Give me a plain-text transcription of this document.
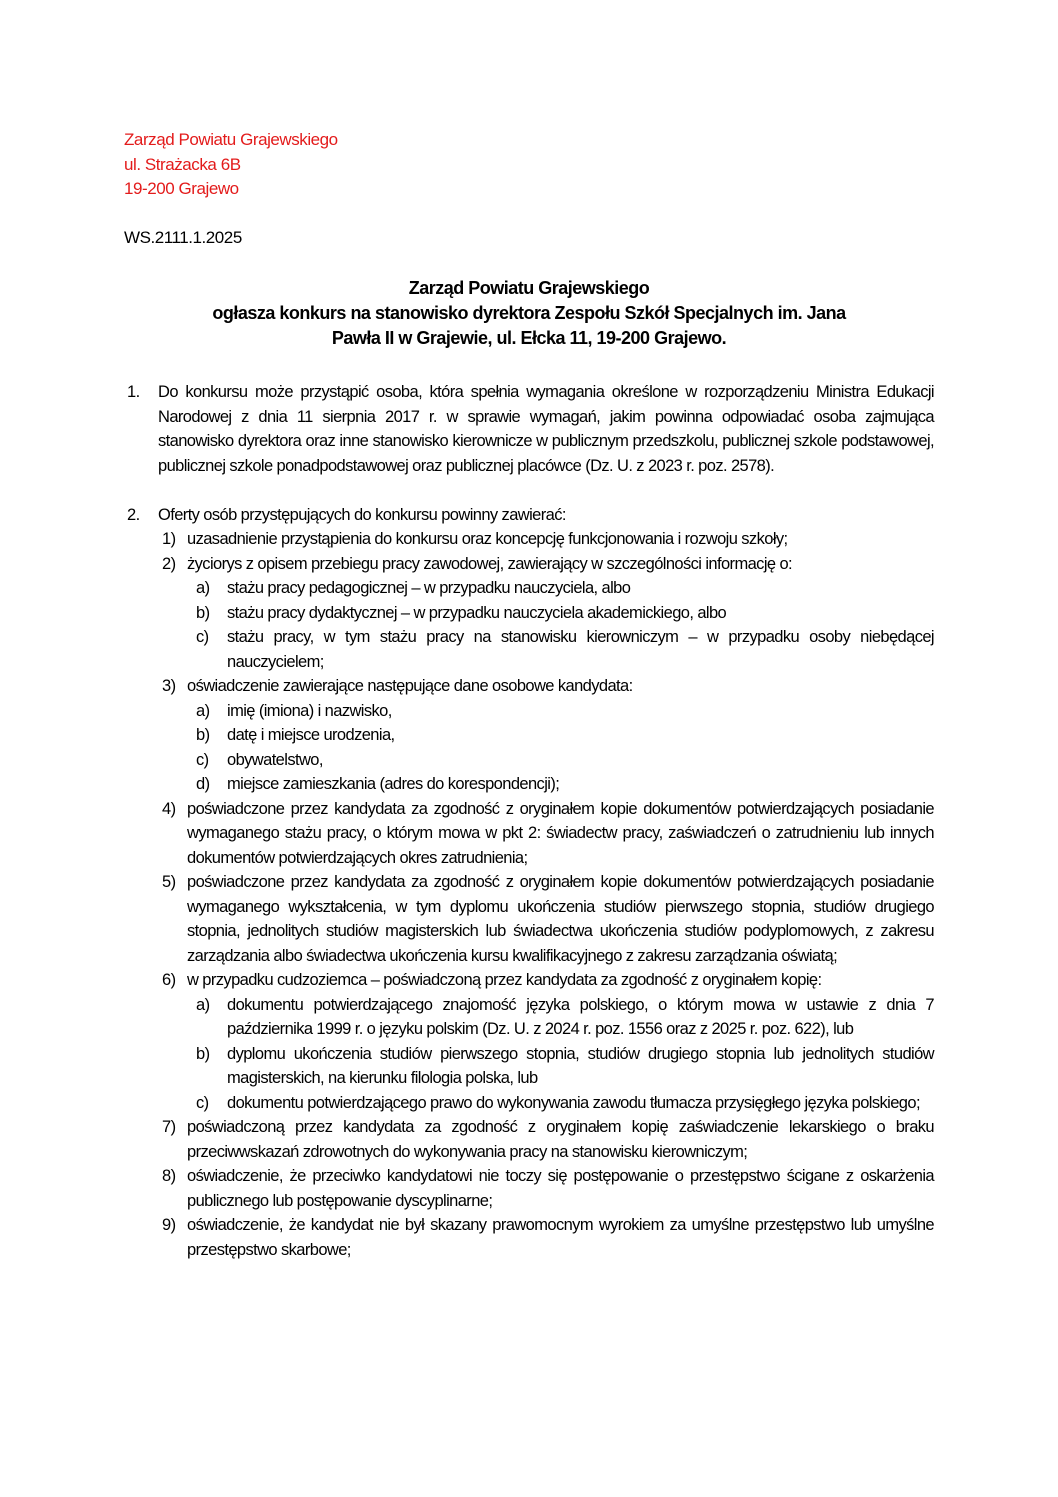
Zarząd Powiatu Grajewskiego
ul. Strażacka 6B
19-200 Grajewo
WS.2111.1.2025
Zarząd Powiatu Grajewskiego
ogłasza konkurs na stanowisko dyrektora Zespołu Szkół Specjalnych im. Jana
Pawła II w Grajewie, ul. Ełcka 11, 19-200 Grajewo.
1. Do konkursu może przystąpić osoba, która spełnia wymagania określone w rozporządzeniu Ministra Edukacji Narodowej z dnia 11 sierpnia 2017 r. w sprawie wymagań, jakim powinna odpowiadać osoba zajmująca stanowisko dyrektora oraz inne stanowisko kierownicze w publicznym przedszkolu, publicznej szkole podstawowej, publicznej szkole ponadpodstawowej oraz publicznej placówce (Dz. U. z 2023 r. poz. 2578).
2. Oferty osób przystępujących do konkursu powinny zawierać:
1) uzasadnienie przystąpienia do konkursu oraz koncepcję funkcjonowania i rozwoju szkoły;
2) życiorys z opisem przebiegu pracy zawodowej, zawierający w szczególności informację o:
a) stażu pracy pedagogicznej – w przypadku nauczyciela, albo
b) stażu pracy dydaktycznej – w przypadku nauczyciela akademickiego, albo
c) stażu pracy, w tym stażu pracy na stanowisku kierowniczym – w przypadku osoby niebędącej nauczycielem;
3) oświadczenie zawierające następujące dane osobowe kandydata:
a) imię (imiona) i nazwisko,
b) datę i miejsce urodzenia,
c) obywatelstwo,
d) miejsce zamieszkania (adres do korespondencji);
4) poświadczone przez kandydata za zgodność z oryginałem kopie dokumentów potwierdzających posiadanie wymaganego stażu pracy, o którym mowa w pkt 2: świadectw pracy, zaświadczeń o zatrudnieniu lub innych dokumentów potwierdzających okres zatrudnienia;
5) poświadczone przez kandydata za zgodność z oryginałem kopie dokumentów potwierdzających posiadanie wymaganego wykształcenia, w tym dyplomu ukończenia studiów pierwszego stopnia, studiów drugiego stopnia, jednolitych studiów magisterskich lub świadectwa ukończenia studiów podyplomowych, z zakresu zarządzania albo świadectwa ukończenia kursu kwalifikacyjnego z zakresu zarządzania oświatą;
6) w przypadku cudzoziemca – poświadczoną przez kandydata za zgodność z oryginałem kopię:
a) dokumentu potwierdzającego znajomość języka polskiego, o którym mowa w ustawie z dnia 7 października 1999 r. o języku polskim (Dz. U. z 2024 r. poz. 1556 oraz z 2025 r. poz. 622), lub
b) dyplomu ukończenia studiów pierwszego stopnia, studiów drugiego stopnia lub jednolitych studiów magisterskich, na kierunku filologia polska, lub
c) dokumentu potwierdzającego prawo do wykonywania zawodu tłumacza przysięgłego języka polskiego;
7) poświadczoną przez kandydata za zgodność z oryginałem kopię zaświadczenie lekarskiego o braku przeciwwskazań zdrowotnych do wykonywania pracy na stanowisku kierowniczym;
8) oświadczenie, że przeciwko kandydatowi nie toczy się postępowanie o przestępstwo ścigane z oskarżenia publicznego lub postępowanie dyscyplinarne;
9) oświadczenie, że kandydat nie był skazany prawomocnym wyrokiem za umyślne przestępstwo lub umyślne przestępstwo skarbowe;
